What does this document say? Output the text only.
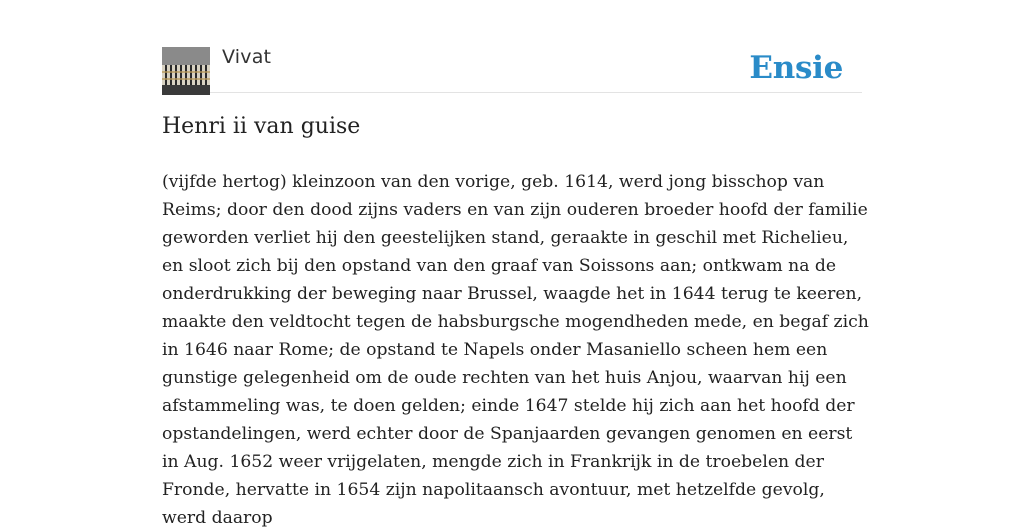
Vivat	Ensie
Henri ii van guise

(vijfde hertog) kleinzoon van den vorige, geb. 1614, werd jong bisschop van Reims; door den dood zijns vaders en van zijn ouderen broeder hoofd der familie geworden verliet hij den geestelijken stand, geraakte in geschil met Richelieu, en sloot zich bij den opstand van den graaf van Soissons aan; ontkwam na de onderdrukking der beweging naar Brussel, waagde het in 1644 terug te keeren, maakte den veldtocht tegen de habsburgsche mogendheden mede, en begaf zich in 1646 naar Rome; de opstand te Napels onder Masaniello scheen hem een gunstige gelegenheid om de oude rechten van het huis Anjou, waarvan hij een afstammeling was, te doen gelden; einde 1647 stelde hij zich aan het hoofd der opstandelingen, werd echter door de Spanjaarden gevangen genomen en eerst in Aug. 1652 weer vrijgelaten, mengde zich in Frankrijk in de troebelen der Fronde, hervatte in 1654 zijn napolitaansch avontuur, met hetzelfde gevolg, werd daarop
